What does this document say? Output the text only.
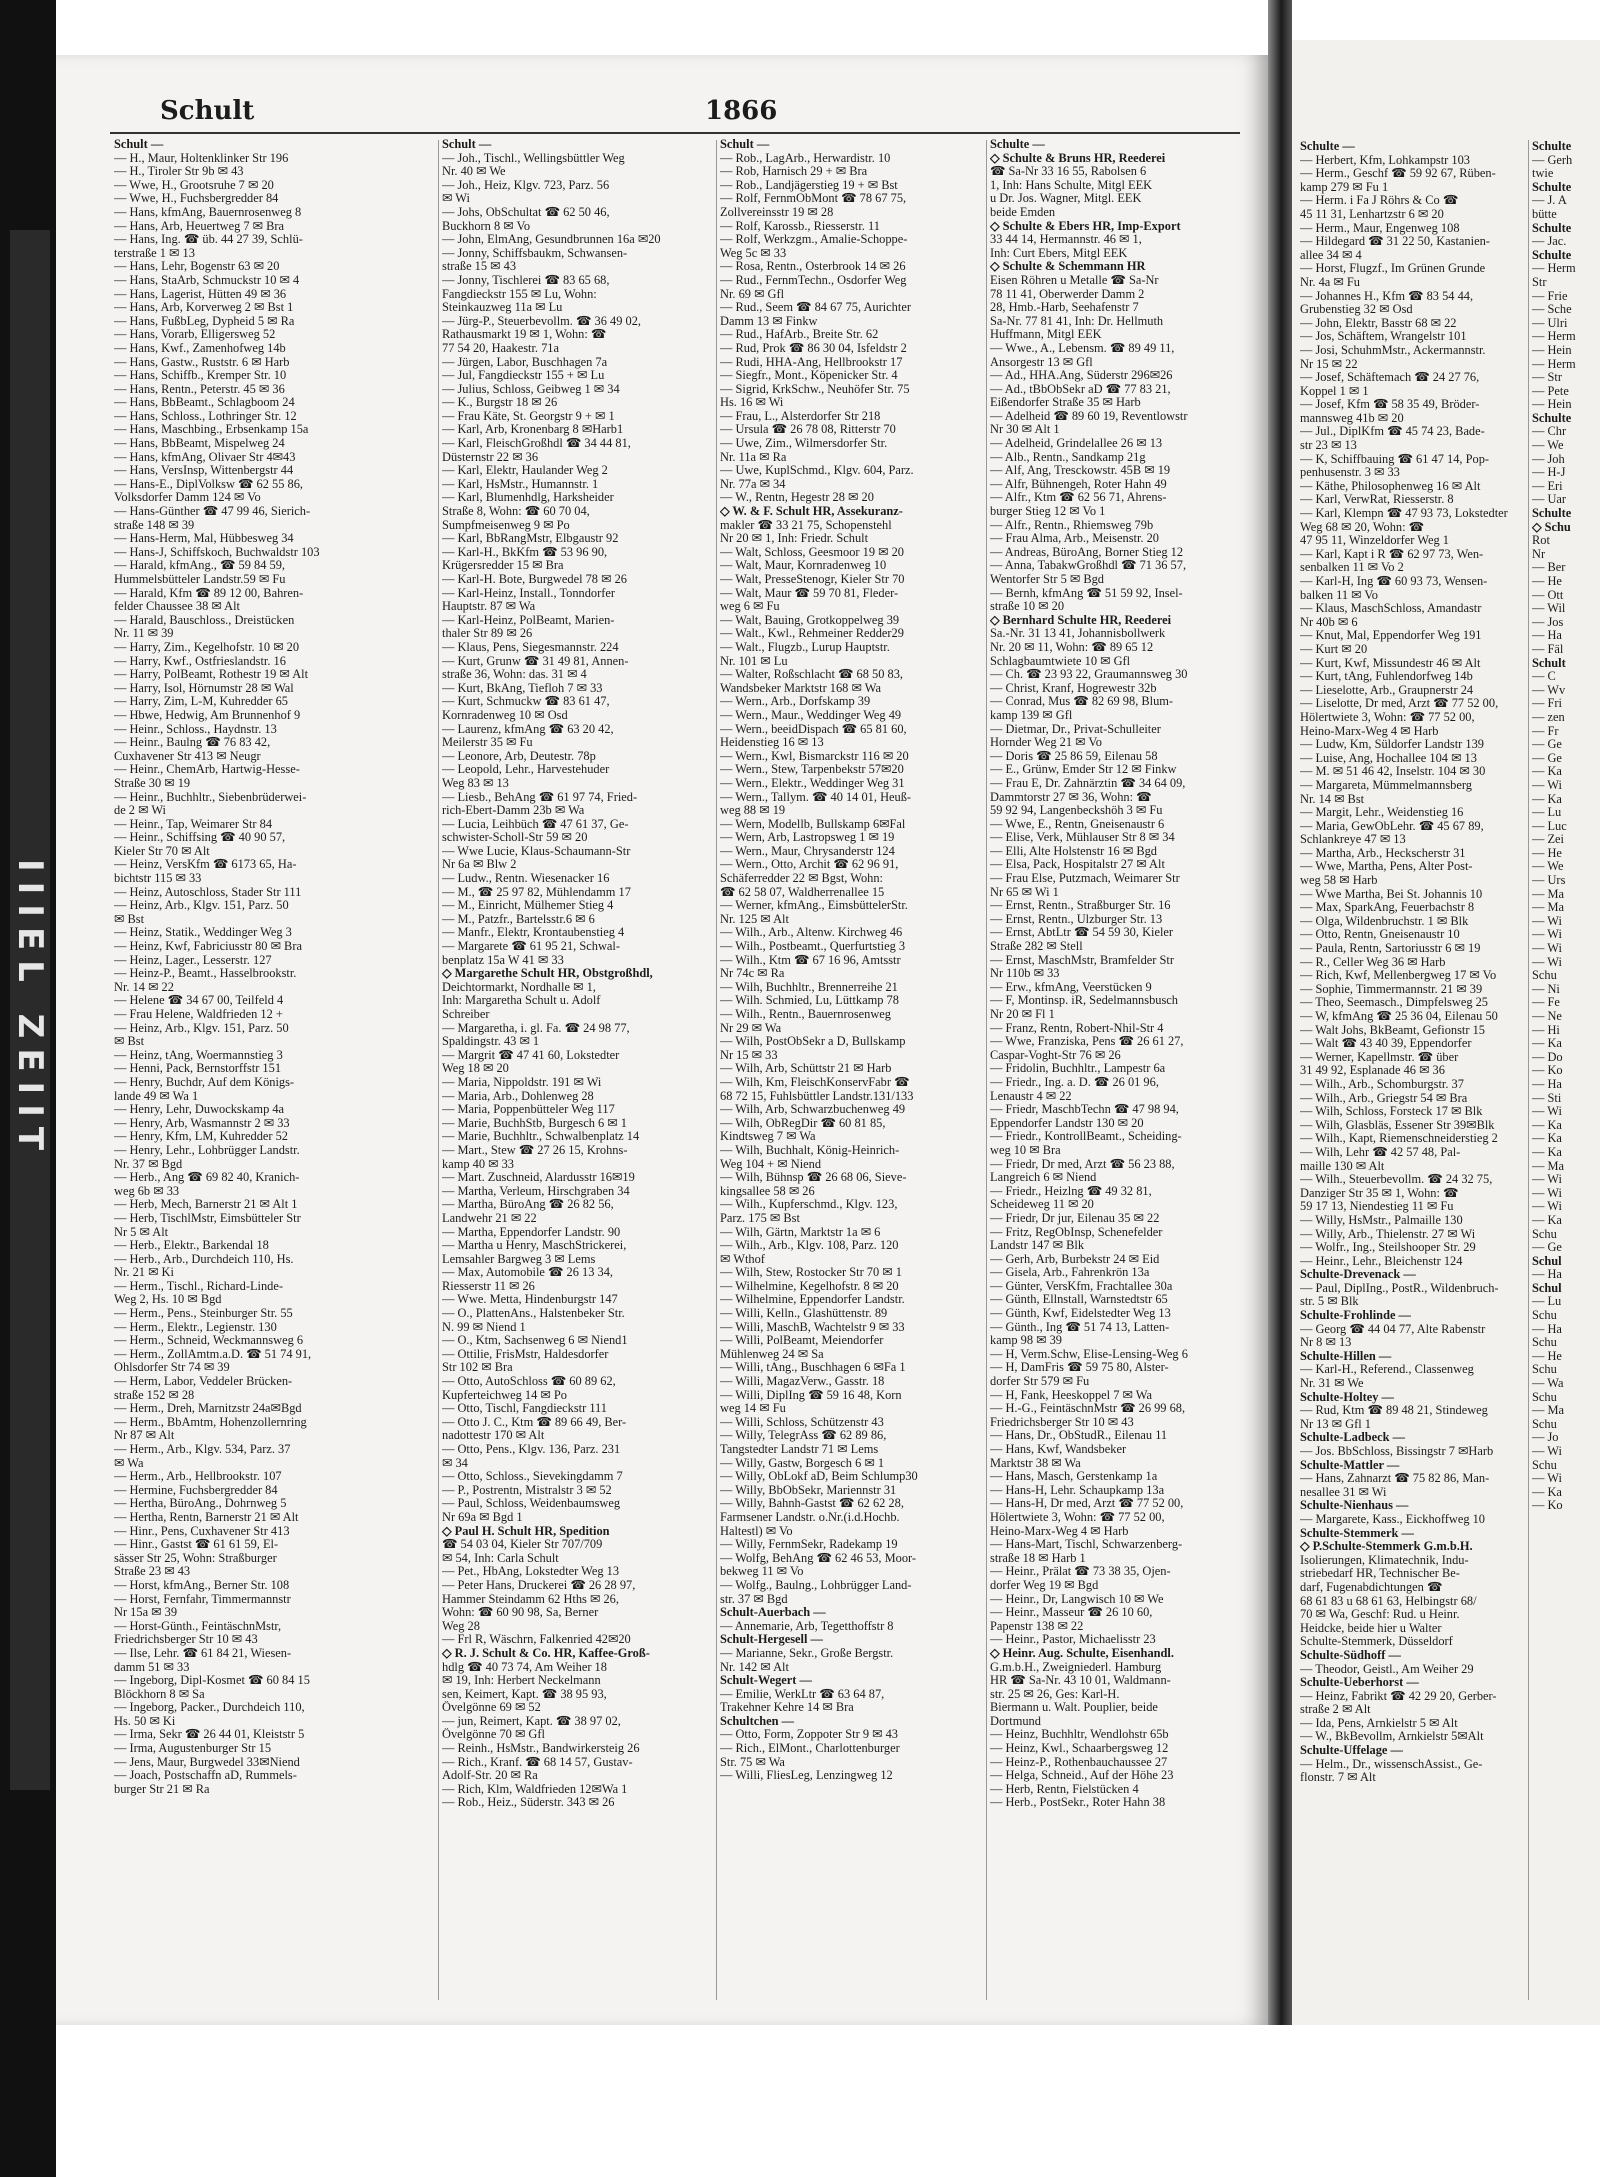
IIIEL ZEIIT
Schult	1866
Schult —
— H., Maur, Holtenklinker Str 196
— H., Tiroler Str 9b ✉ 43
— Wwe, H., Grootsruhe 7 ✉ 20
— Wwe, H., Fuchsbergredder 84
— Hans, kfmAng, Bauernrosenweg 8
— Hans, Arb, Heuertweg 7 ✉ Bra
— Hans, Ing. ☎ üb. 44 27 39, Schlü-
terstraße 1 ✉ 13
— Hans, Lehr, Bogenstr 63 ✉ 20
— Hans, StaArb, Schmuckstr 10 ✉ 4
— Hans, Lagerist, Hütten 49 ✉ 36
— Hans, Arb, Korverweg 2 ✉ Bst 1
— Hans, FußbLeg, Dypheid 5 ✉ Ra
— Hans, Vorarb, Elligersweg 52
— Hans, Kwf., Zamenhofweg 14b
— Hans, Gastw., Ruststr. 6 ✉ Harb
— Hans, Schiffb., Kremper Str. 10
— Hans, Rentn., Peterstr. 45 ✉ 36
— Hans, BbBeamt., Schlagboom 24
— Hans, Schloss., Lothringer Str. 12
— Hans, Maschbing., Erbsenkamp 15a
— Hans, BbBeamt, Mispelweg 24
— Hans, kfmAng, Olivaer Str 4✉43
— Hans, VersInsp, Wittenbergstr 44
— Hans-E., DiplVolksw ☎ 62 55 86,
Volksdorfer Damm 124 ✉ Vo
— Hans-Günther ☎ 47 99 46, Sierich-
straße 148 ✉ 39
— Hans-Herm, Mal, Hübbesweg 34
— Hans-J, Schiffskoch, Buchwaldstr 103
— Harald, kfmAng., ☎ 59 84 59,
Hummelsbütteler Landstr.59 ✉ Fu
— Harald, Kfm ☎ 89 12 00, Bahren-
felder Chaussee 38 ✉ Alt
— Harald, Bauschloss., Dreistücken
Nr. 11 ✉ 39
— Harry, Zim., Kegelhofstr. 10 ✉ 20
— Harry, Kwf., Ostfrieslandstr. 16
— Harry, PolBeamt, Rothestr 19 ✉ Alt
— Harry, Isol, Hörnumstr 28 ✉ Wal
— Harry, Zim, L-M, Kuhredder 65
— Hbwe, Hedwig, Am Brunnenhof 9
— Heinr., Schloss., Haydnstr. 13
— Heinr., Baulng ☎ 76 83 42,
Cuxhavener Str 413 ✉ Neugr
— Heinr., ChemArb, Hartwig-Hesse-
Straße 30 ✉ 19
— Heinr., Buchhltr., Siebenbrüderwei-
de 2 ✉ Wi
— Heinr., Tap, Weimarer Str 84
— Heinr., Schiffsing ☎ 40 90 57,
Kieler Str 70 ✉ Alt
— Heinz, VersKfm ☎ 6173 65, Ha-
bichtstr 115 ✉ 33
— Heinz, Autoschloss, Stader Str 111
— Heinz, Arb., Klgv. 151, Parz. 50
✉ Bst
— Heinz, Statik., Weddinger Weg 3
— Heinz, Kwf, Fabriciusstr 80 ✉ Bra
— Heinz, Lager., Lesserstr. 127
— Heinz-P., Beamt., Hasselbrookstr.
Nr. 14 ✉ 22
— Helene ☎ 34 67 00, Teilfeld 4
— Frau Helene, Waldfrieden 12 +
— Heinz, Arb., Klgv. 151, Parz. 50
✉ Bst
— Heinz, tAng, Woermannstieg 3
— Henni, Pack, Bernstorffstr 151
— Henry, Buchdr, Auf dem Königs-
lande 49 ✉ Wa 1
— Henry, Lehr, Duwockskamp 4a
— Henry, Arb, Wasmannstr 2 ✉ 33
— Henry, Kfm, LM, Kuhredder 52
— Henry, Lehr., Lohbrügger Landstr.
Nr. 37 ✉ Bgd
— Herb., Ang ☎ 69 82 40, Kranich-
weg 6b ✉ 33
— Herb, Mech, Barnerstr 21 ✉ Alt 1
— Herb, TischlMstr, Eimsbütteler Str
Nr 5 ✉ Alt
— Herb., Elektr., Barkendal 18
— Herb., Arb., Durchdeich 110, Hs.
Nr. 21 ✉ Ki
— Herm., Tischl., Richard-Linde-
Weg 2, Hs. 10 ✉ Bgd
— Herm., Pens., Steinburger Str. 55
— Herm., Elektr., Legienstr. 130
— Herm., Schneid, Weckmannsweg 6
— Herm., ZollAmtm.a.D. ☎ 51 74 91,
Ohlsdorfer Str 74 ✉ 39
— Herm, Labor, Veddeler Brücken-
straße 152 ✉ 28
— Herm., Dreh, Marnitzstr 24a✉Bgd
— Herm., BbAmtm, Hohenzollernring
Nr 87 ✉ Alt
— Herm., Arb., Klgv. 534, Parz. 37
✉ Wa
— Herm., Arb., Hellbrookstr. 107
— Hermine, Fuchsbergredder 84
— Hertha, BüroAng., Dohrnweg 5
— Hertha, Rentn, Barnerstr 21 ✉ Alt
— Hinr., Pens, Cuxhavener Str 413
— Hinr., Gastst ☎ 61 61 59, El-
sässer Str 25, Wohn: Straßburger
Straße 23 ✉ 43
— Horst, kfmAng., Berner Str. 108
— Horst, Fernfahr, Timmermannstr
Nr 15a ✉ 39
— Horst-Günth., FeintäschnMstr,
Friedrichsberger Str 10 ✉ 43
— Ilse, Lehr. ☎ 61 84 21, Wiesen-
damm 51 ✉ 33
— Ingeborg, Dipl-Kosmet ☎ 60 84 15
Blöckhorn 8 ✉ Sa
— Ingeborg, Packer., Durchdeich 110,
Hs. 50 ✉ Ki
— Irma, Sekr ☎ 26 44 01, Kleiststr 5
— Irma, Augustenburger Str 15
— Jens, Maur, Burgwedel 33✉Niend
— Joach, Postschaffn aD, Rummels-
burger Str 21 ✉ Ra
Schult —
— Joh., Tischl., Wellingsbüttler Weg
Nr. 40 ✉ We
— Joh., Heiz, Klgv. 723, Parz. 56
✉ Wi
— Johs, ObSchultat ☎ 62 50 46,
Buckhorn 8 ✉ Vo
— John, ElmAng, Gesundbrunnen 16a ✉20
— Jonny, Schiffsbaukm, Schwansen-
straße 15 ✉ 43
— Jonny, Tischlerei ☎ 83 65 68,
Fangdieckstr 155 ✉ Lu, Wohn:
Steinkauzweg 11a ✉ Lu
— Jürg-P., Steuerbevollm. ☎ 36 49 02,
Rathausmarkt 19 ✉ 1, Wohn: ☎
77 54 20, Haakestr. 71a
— Jürgen, Labor, Buschhagen 7a
— Jul, Fangdieckstr 155 + ✉ Lu
— Julius, Schloss, Geibweg 1 ✉ 34
— K., Burgstr 18 ✉ 26
— Frau Käte, St. Georgstr 9 + ✉ 1
— Karl, Arb, Kronenbarg 8 ✉Harb1
— Karl, FleischGroßhdl ☎ 34 44 81,
Düsternstr 22 ✉ 36
— Karl, Elektr, Haulander Weg 2
— Karl, HsMstr., Humannstr. 1
— Karl, Blumenhdlg, Harksheider
Straße 8, Wohn: ☎ 60 70 04,
Sumpfmeisenweg 9 ✉ Po
— Karl, BbRangMstr, Elbgaustr 92
— Karl-H., BkKfm ☎ 53 96 90,
Krügersredder 15 ✉ Bra
— Karl-H. Bote, Burgwedel 78 ✉ 26
— Karl-Heinz, Install., Tonndorfer
Hauptstr. 87 ✉ Wa
— Karl-Heinz, PolBeamt, Marien-
thaler Str 89 ✉ 26
— Klaus, Pens, Siegesmannstr. 224
— Kurt, Grunw ☎ 31 49 81, Annen-
straße 36, Wohn: das. 31 ✉ 4
— Kurt, BkAng, Tiefloh 7 ✉ 33
— Kurt, Schmuckw ☎ 83 61 47,
Kornradenweg 10 ✉ Osd
— Laurenz, kfmAng ☎ 63 20 42,
Meilerstr 35 ✉ Fu
— Leonore, Arb, Deutestr. 78p
— Leopold, Lehr., Harvestehuder
Weg 83 ✉ 13
— Liesb., BehAng ☎ 61 97 74, Fried-
rich-Ebert-Damm 23b ✉ Wa
— Lucia, Leihbüch ☎ 47 61 37, Ge-
schwister-Scholl-Str 59 ✉ 20
— Wwe Lucie, Klaus-Schaumann-Str
Nr 6a ✉ Blw 2
— Ludw., Rentn. Wiesenacker 16
— M., ☎ 25 97 82, Mühlendamm 17
— M., Einricht, Mülhemer Stieg 4
— M., Patzfr., Bartelsstr.6 ✉ 6
— Manfr., Elektr, Krontaubenstieg 4
— Margarete ☎ 61 95 21, Schwal-
benplatz 15a W 41 ✉ 33
◇ Margarethe Schult HR, Obstgroßhdl,
Deichtormarkt, Nordhalle ✉ 1,
Inh: Margaretha Schult u. Adolf
Schreiber
— Margaretha, i. gl. Fa. ☎ 24 98 77,
Spaldingstr. 43 ✉ 1
— Margrit ☎ 47 41 60, Lokstedter
Weg 18 ✉ 20
— Maria, Nippoldstr. 191 ✉ Wi
— Maria, Arb., Dohlenweg 28
— Maria, Poppenbütteler Weg 117
— Marie, BuchhStb, Burgesch 6 ✉ 1
— Marie, Buchhltr., Schwalbenplatz 14
— Mart., Stew ☎ 27 26 15, Krohns-
kamp 40 ✉ 33
— Mart. Zuschneid, Alardusstr 16✉19
— Martha, Verleum, Hirschgraben 34
— Martha, BüroAng ☎ 26 82 56,
Landwehr 21 ✉ 22
— Martha, Eppendorfer Landstr. 90
— Martha u Henry, MaschStrickerei,
Lemsahler Bargweg 3 ✉ Lems
— Max, Automobile ☎ 26 13 34,
Riesserstr 11 ✉ 26
— Wwe. Metta, Hindenburgstr 147
— O., PlattenAns., Halstenbeker Str.
N. 99 ✉ Niend 1
— O., Ktm, Sachsenweg 6 ✉ Niend1
— Ottilie, FrisMstr, Haldesdorfer
Str 102 ✉ Bra
— Otto, AutoSchloss ☎ 60 89 62,
Kupferteichweg 14 ✉ Po
— Otto, Tischl, Fangdieckstr 111
— Otto J. C., Ktm ☎ 89 66 49, Ber-
nadottestr 170 ✉ Alt
— Otto, Pens., Klgv. 136, Parz. 231
✉ 34
— Otto, Schloss., Sievekingdamm 7
— P., Postrentn, Mistralstr 3 ✉ 52
— Paul, Schloss, Weidenbaumsweg
Nr 69a ✉ Bgd 1
◇ Paul H. Schult HR, Spedition
☎ 54 03 04, Kieler Str 707/709
✉ 54, Inh: Carla Schult
— Pet., HbAng, Lokstedter Weg 13
— Peter Hans, Druckerei ☎ 26 28 97,
Hammer Steindamm 62 Hths ✉ 26,
Wohn: ☎ 60 90 98, Sa, Berner
Weg 28
— Frl R, Wäschrn, Falkenried 42✉20
◇ R. J. Schult & Co. HR, Kaffee-Groß-
hdlg ☎ 40 73 74, Am Weiher 18
✉ 19, Inh: Herbert Neckelmann
sen, Keimert, Kapt. ☎ 38 95 93,
Övelgönne 69 ✉ 52
— jun, Reimert, Kapt. ☎ 38 97 02,
Övelgönne 70 ✉ Gfl
— Reinh., HsMstr., Bandwirkersteig 26
— Rich., Kranf. ☎ 68 14 57, Gustav-
Adolf-Str. 20 ✉ Ra
— Rich, Klm, Waldfrieden 12✉Wa 1
— Rob., Heiz., Süderstr. 343 ✉ 26
Schult —
— Rob., LagArb., Herwardistr. 10
— Rob, Harnisch 29 + ✉ Bra
— Rob., Landjägerstieg 19 + ✉ Bst
— Rolf, FernmObMont ☎ 78 67 75,
Zollvereinsstr 19 ✉ 28
— Rolf, Karossb., Riesserstr. 11
— Rolf, Werkzgm., Amalie-Schoppe-
Weg 5c ✉ 33
— Rosa, Rentn., Osterbrook 14 ✉ 26
— Rud., FernmTechn., Osdorfer Weg
Nr. 69 ✉ Gfl
— Rud., Seem ☎ 84 67 75, Aurichter
Damm 13 ✉ Finkw
— Rud., HafArb., Breite Str. 62
— Rud, Prok ☎ 86 30 04, Isfeldstr 2
— Rudi, HHA-Ang, Hellbrookstr 17
— Siegfr., Mont., Köpenicker Str. 4
— Sigrid, KrkSchw., Neuhöfer Str. 75
Hs. 16 ✉ Wi
— Frau, L., Alsterdorfer Str 218
— Ursula ☎ 26 78 08, Ritterstr 70
— Uwe, Zim., Wilmersdorfer Str.
Nr. 11a ✉ Ra
— Uwe, KuplSchmd., Klgv. 604, Parz.
Nr. 77a ✉ 34
— W., Rentn, Hegestr 28 ✉ 20
◇ W. & F. Schult HR, Assekuranz-
makler ☎ 33 21 75, Schopenstehl
Nr 20 ✉ 1, Inh: Friedr. Schult
— Walt, Schloss, Geesmoor 19 ✉ 20
— Walt, Maur, Kornradenweg 10
— Walt, PresseStenogr, Kieler Str 70
— Walt, Maur ☎ 59 70 81, Fleder-
weg 6 ✉ Fu
— Walt, Bauing, Grotkoppelweg 39
— Walt., Kwl., Rehmeiner Redder29
— Walt., Flugzb., Lurup Hauptstr.
Nr. 101 ✉ Lu
— Walter, Roßschlacht ☎ 68 50 83,
Wandsbeker Marktstr 168 ✉ Wa
— Wern., Arb., Dorfskamp 39
— Wern., Maur., Weddinger Weg 49
— Wern., beeidDispach ☎ 65 81 60,
Heidenstieg 16 ✉ 13
— Wern., Kwl, Bismarckstr 116 ✉ 20
— Wern., Stew, Tarpenbekstr 57✉20
— Wern., Elektr., Weddinger Weg 31
— Wern., Tallym. ☎ 40 14 01, Heuß-
weg 88 ✉ 19
— Wern, Modellb, Bullskamp 6✉Fal
— Wern, Arb, Lastropsweg 1 ✉ 19
— Wern., Maur, Chrysanderstr 124
— Wern., Otto, Archit ☎ 62 96 91,
Schäferredder 22 ✉ Bgst, Wohn:
☎ 62 58 07, Waldherrenallee 15
— Werner, kfmAng., EimsbüttelerStr.
Nr. 125 ✉ Alt
— Wilh., Arb., Altenw. Kirchweg 46
— Wilh., Postbeamt., Querfurtstieg 3
— Wilh., Ktm ☎ 67 16 96, Amtsstr
Nr 74c ✉ Ra
— Wilh, Buchhltr., Brennerreihe 21
— Wilh. Schmied, Lu, Lüttkamp 78
— Wilh., Rentn., Bauernrosenweg
Nr 29 ✉ Wa
— Wilh, PostObSekr a D, Bullskamp
Nr 15 ✉ 33
— Wilh, Arb, Schüttstr 21 ✉ Harb
— Wilh, Km, FleischKonservFabr ☎
68 72 15, Fuhlsbüttler Landstr.131/133
— Wilh, Arb, Schwarzbuchenweg 49
— Wilh, ObRegDir ☎ 60 81 85,
Kindtsweg 7 ✉ Wa
— Wilh, Buchhalt, König-Heinrich-
Weg 104 + ✉ Niend
— Wilh, Bühnsp ☎ 26 68 06, Sieve-
kingsallee 58 ✉ 26
— Wilh., Kupferschmd., Klgv. 123,
Parz. 175 ✉ Bst
— Wilh, Gärtn, Marktstr 1a ✉ 6
— Wilh., Arb., Klgv. 108, Parz. 120
✉ Wthof
— Wilh, Stew, Rostocker Str 70 ✉ 1
— Wilhelmine, Kegelhofstr. 8 ✉ 20
— Wilhelmine, Eppendorfer Landstr.
— Willi, Kelln., Glashüttenstr. 89
— Willi, MaschB, Wachtelstr 9 ✉ 33
— Willi, PolBeamt, Meiendorfer
Mühlenweg 24 ✉ Sa
— Willi, tAng., Buschhagen 6 ✉Fa 1
— Willi, MagazVerw., Gasstr. 18
— Willi, DiplIng ☎ 59 16 48, Korn
weg 14 ✉ Fu
— Willi, Schloss, Schützenstr 43
— Willy, TelegrAss ☎ 62 89 86,
Tangstedter Landstr 71 ✉ Lems
— Willy, Gastw, Borgesch 6 ✉ 1
— Willy, ObLokf aD, Beim Schlump30
— Willy, BbObSekr, Mariennstr 31
— Willy, Bahnh-Gastst ☎ 62 62 28,
Farmsener Landstr. o.Nr.(i.d.Hochb.
Haltestl) ✉ Vo
— Willy, FernmSekr, Radekamp 19
— Wolfg, BehAng ☎ 62 46 53, Moor-
bekweg 11 ✉ Vo
— Wolfg., Baulng., Lohbrügger Land-
str. 37 ✉ Bgd
Schult-Auerbach —
— Annemarie, Arb, Tegetthoffstr 8
Schult-Hergesell —
— Marianne, Sekr., Große Bergstr.
Nr. 142 ✉ Alt
Schult-Wegert —
— Emilie, WerkLtr ☎ 63 64 87,
Trakehner Kehre 14 ✉ Bra
Schultchen —
— Otto, Form, Zoppoter Str 9 ✉ 43
— Rich., ElMont., Charlottenburger
Str. 75 ✉ Wa
— Willi, FliesLeg, Lenzingweg 12
Schulte —
◇ Schulte & Bruns HR, Reederei
☎ Sa-Nr 33 16 55, Rabolsen 6
1, Inh: Hans Schulte, Mitgl EEK
u Dr. Jos. Wagner, Mitgl. EEK
beide Emden
◇ Schulte & Ebers HR, Imp-Export
33 44 14, Hermannstr. 46 ✉ 1,
Inh: Curt Ebers, Mitgl EEK
◇ Schulte & Schemmann HR
Eisen Röhren u Metalle ☎ Sa-Nr
78 11 41, Oberwerder Damm 2
28, Hmb.-Harb, Seehafenstr 7
Sa-Nr. 77 81 41, Inh: Dr. Hellmuth
Huffmann, Mitgl EEK
— Wwe., A., Lebensm. ☎ 89 49 11,
Ansorgestr 13 ✉ Gfl
— Ad., HHA.Ang, Süderstr 296✉26
— Ad., tBbObSekr aD ☎ 77 83 21,
Eißendorfer Straße 35 ✉ Harb
— Adelheid ☎ 89 60 19, Reventlowstr
Nr 30 ✉ Alt 1
— Adelheid, Grindelallee 26 ✉ 13
— Alb., Rentn., Sandkamp 21g
— Alf, Ang, Tresckowstr. 45B ✉ 19
— Alfr, Bühnengeh, Roter Hahn 49
— Alfr., Ktm ☎ 62 56 71, Ahrens-
burger Stieg 12 ✉ Vo 1
— Alfr., Rentn., Rhiemsweg 79b
— Frau Alma, Arb., Meisenstr. 20
— Andreas, BüroAng, Borner Stieg 12
— Anna, TabakwGroßhdl ☎ 71 36 57,
Wentorfer Str 5 ✉ Bgd
— Bernh, kfmAng ☎ 51 59 92, Insel-
straße 10 ✉ 20
◇ Bernhard Schulte HR, Reederei
Sa.-Nr. 31 13 41, Johannisbollwerk
Nr. 20 ✉ 11, Wohn: ☎ 89 65 12
Schlagbaumtwiete 10 ✉ Gfl
— Ch. ☎ 23 93 22, Graumannsweg 30
— Christ, Kranf, Hogrewestr 32b
— Conrad, Mus ☎ 82 69 98, Blum-
kamp 139 ✉ Gfl
— Dietmar, Dr., Privat-Schulleiter
Hornder Weg 21 ✉ Vo
— Doris ☎ 25 86 59, Eilenau 58
— E., Grünw, Emder Str 12 ✉ Finkw
— Frau E, Dr. Zahnärztin ☎ 34 64 09,
Dammtorstr 27 ✉ 36, Wohn: ☎
59 92 94, Langenbeckshöh 3 ✉ Fu
— Wwe, E., Rentn, Gneisenaustr 6
— Elise, Verk, Mühlauser Str 8 ✉ 34
— Elli, Alte Holstenstr 16 ✉ Bgd
— Elsa, Pack, Hospitalstr 27 ✉ Alt
— Frau Else, Putzmach, Weimarer Str
Nr 65 ✉ Wi 1
— Ernst, Rentn., Straßburger Str. 16
— Ernst, Rentn., Ulzburger Str. 13
— Ernst, AbtLtr ☎ 54 59 30, Kieler
Straße 282 ✉ Stell
— Ernst, MaschMstr, Bramfelder Str
Nr 110b ✉ 33
— Erw., kfmAng, Veerstücken 9
— F, Montinsp. iR, Sedelmannsbusch
Nr 20 ✉ Fl 1
— Franz, Rentn, Robert-Nhil-Str 4
— Wwe, Franziska, Pens ☎ 26 61 27,
Caspar-Voght-Str 76 ✉ 26
— Fridolin, Buchhltr., Lampestr 6a
— Friedr., Ing. a. D. ☎ 26 01 96,
Lenaustr 4 ✉ 22
— Friedr, MaschbTechn ☎ 47 98 94,
Eppendorfer Landstr 130 ✉ 20
— Friedr., KontrollBeamt., Scheiding-
weg 10 ✉ Bra
— Friedr, Dr med, Arzt ☎ 56 23 88,
Langreich 6 ✉ Niend
— Friedr., Heizlng ☎ 49 32 81,
Scheideweg 11 ✉ 20
— Friedr, Dr jur, Eilenau 35 ✉ 22
— Fritz, RegObInsp, Schenefelder
Landstr 147 ✉ Blk
— Gerh, Arb, Burbekstr 24 ✉ Eid
— Gisela, Arb., Fahrenkrön 13a
— Günter, VersKfm, Frachtallee 30a
— Günth, Ellnstall, Warnstedtstr 65
— Günth, Kwf, Eidelstedter Weg 13
— Günth., Ing ☎ 51 74 13, Latten-
kamp 98 ✉ 39
— H, Verm.Schw, Elise-Lensing-Weg 6
— H, DamFris ☎ 59 75 80, Alster-
dorfer Str 579 ✉ Fu
— H, Fank, Heeskoppel 7 ✉ Wa
— H.-G., FeintäschnMstr ☎ 26 99 68,
Friedrichsberger Str 10 ✉ 43
— Hans, Dr., ObStudR., Eilenau 11
— Hans, Kwf, Wandsbeker
Marktstr 38 ✉ Wa
— Hans, Masch, Gerstenkamp 1a
— Hans-H, Lehr. Schaupkamp 13a
— Hans-H, Dr med, Arzt ☎ 77 52 00,
Hölertwiete 3, Wohn: ☎ 77 52 00,
Heino-Marx-Weg 4 ✉ Harb
— Hans-Mart, Tischl, Schwarzenberg-
straße 18 ✉ Harb 1
— Heinr., Prälat ☎ 73 38 35, Ojen-
dorfer Weg 19 ✉ Bgd
— Heinr., Dr, Langwisch 10 ✉ We
— Heinr., Masseur ☎ 26 10 60,
Papenstr 138 ✉ 22
— Heinr., Pastor, Michaelisstr 23
◇ Heinr. Aug. Schulte, Eisenhandl.
G.m.b.H., Zweigniederl. Hamburg
HR ☎ Sa-Nr. 43 10 01, Waldmann-
str. 25 ✉ 26, Ges: Karl-H.
Biermann u. Walt. Pouplier, beide
Dortmund
— Heinz, Buchhltr, Wendlohstr 65b
— Heinz, Kwl., Schaarbergsweg 12
— Heinz-P., Rothenbauchaussee 27
— Helga, Schneid., Auf der Höhe 23
— Herb, Rentn, Fielstücken 4
— Herb., PostSekr., Roter Hahn 38
Schulte —
— Herbert, Kfm, Lohkampstr 103
— Herm., Geschf ☎ 59 92 67, Rüben-
kamp 279 ✉ Fu 1
— Herm. i Fa J Röhrs & Co ☎
45 11 31, Lenhartzstr 6 ✉ 20
— Herm., Maur, Engenweg 108
— Hildegard ☎ 31 22 50, Kastanien-
allee 34 ✉ 4
— Horst, Flugzf., Im Grünen Grunde
Nr. 4a ✉ Fu
— Johannes H., Kfm ☎ 83 54 44,
Grubenstieg 32 ✉ Osd
— John, Elektr, Basstr 68 ✉ 22
— Jos, Schäftem, Wrangelstr 101
— Josi, SchuhmMstr., Ackermannstr.
Nr 15 ✉ 22
— Josef, Schäftemach ☎ 24 27 76,
Koppel 1 ✉ 1
— Josef, Kfm ☎ 58 35 49, Bröder-
mannsweg 41b ✉ 20
— Jul., DiplKfm ☎ 45 74 23, Bade-
str 23 ✉ 13
— K, Schiffbauing ☎ 61 47 14, Pop-
penhusenstr. 3 ✉ 33
— Käthe, Philosophenweg 16 ✉ Alt
— Karl, VerwRat, Riesserstr. 8
— Karl, Klempn ☎ 47 93 73, Lokstedter
Weg 68 ✉ 20, Wohn: ☎
47 95 11, Winzeldorfer Weg 1
— Karl, Kapt i R ☎ 62 97 73, Wen-
senbalken 11 ✉ Vo 2
— Karl-H, Ing ☎ 60 93 73, Wensen-
balken 11 ✉ Vo
— Klaus, MaschSchloss, Amandastr
Nr 40b ✉ 6
— Knut, Mal, Eppendorfer Weg 191
— Kurt ✉ 20
— Kurt, Kwf, Missundestr 46 ✉ Alt
— Kurt, tAng, Fuhlendorfweg 14b
— Lieselotte, Arb., Graupnerstr 24
— Liselotte, Dr med, Arzt ☎ 77 52 00,
Hölertwiete 3, Wohn: ☎ 77 52 00,
Heino-Marx-Weg 4 ✉ Harb
— Ludw, Km, Süldorfer Landstr 139
— Luise, Ang, Hochallee 104 ✉ 13
— M. ✉ 51 46 42, Inselstr. 104 ✉ 30
— Margareta, Mümmelmannsberg
Nr. 14 ✉ Bst
— Margit, Lehr., Weidenstieg 16
— Maria, GewObLehr. ☎ 45 67 89,
Schlankreye 47 ✉ 13
— Martha, Arb., Heckscherstr 31
— Wwe, Martha, Pens, Alter Post-
weg 58 ✉ Harb
— Wwe Martha, Bei St. Johannis 10
— Max, SparkAng, Feuerbachstr 8
— Olga, Wildenbruchstr. 1 ✉ Blk
— Otto, Rentn, Gneisenaustr 10
— Paula, Rentn, Sartoriusstr 6 ✉ 19
— R., Celler Weg 36 ✉ Harb
— Rich, Kwf, Mellenbergweg 17 ✉ Vo
— Sophie, Timmermannstr. 21 ✉ 39
— Theo, Seemasch., Dimpfelsweg 25
— W, kfmAng ☎ 25 36 04, Eilenau 50
— Walt Johs, BkBeamt, Gefionstr 15
— Walt ☎ 43 40 39, Eppendorfer
— Werner, Kapellmstr. ☎ über
31 49 92, Esplanade 46 ✉ 36
— Wilh., Arb., Schomburgstr. 37
— Wilh., Arb., Griegstr 54 ✉ Bra
— Wilh, Schloss, Forsteck 17 ✉ Blk
— Wilh, Glasbläs, Essener Str 39✉Blk
— Wilh., Kapt, Riemenschneiderstieg 2
— Wilh, Lehr ☎ 42 57 48, Pal-
maille 130 ✉ Alt
— Wilh., Steuerbevollm. ☎ 24 32 75,
Danziger Str 35 ✉ 1, Wohn: ☎
59 17 13, Niendestieg 11 ✉ Fu
— Willy, HsMstr., Palmaille 130
— Willy, Arb., Thielenstr. 27 ✉ Wi
— Wolfr., Ing., Steilshooper Str. 29
— Heinr., Lehr., Bleichenstr 124
Schulte-Drevenack —
— Paul, DiplIng., PostR., Wildenbruch-
str. 5 ✉ Blk
Schulte-Frohlinde —
— Georg ☎ 44 04 77, Alte Rabenstr
Nr 8 ✉ 13
Schulte-Hillen —
— Karl-H., Referend., Classenweg
Nr. 31 ✉ We
Schulte-Holtey —
— Rud, Ktm ☎ 89 48 21, Stindeweg
Nr 13 ✉ Gfl 1
Schulte-Ladbeck —
— Jos. BbSchloss, Bissingstr 7 ✉Harb
Schulte-Mattler —
— Hans, Zahnarzt ☎ 75 82 86, Man-
nesallee 31 ✉ Wi
Schulte-Nienhaus —
— Margarete, Kass., Eickhoffweg 10
Schulte-Stemmerk —
◇ P.Schulte-Stemmerk G.m.b.H.
Isolierungen, Klimatechnik, Indu-
striebedarf HR, Technischer Be-
darf, Fugenabdichtungen ☎
68 61 83 u 68 61 63, Helbingstr 68/
70 ✉ Wa, Geschf: Rud. u Heinr.
Heidcke, beide hier u Walter
Schulte-Stemmerk, Düsseldorf
Schulte-Südhoff —
— Theodor, Geistl., Am Weiher 29
Schulte-Ueberhorst —
— Heinz, Fabrikt ☎ 42 29 20, Gerber-
straße 2 ✉ Alt
— Ida, Pens, Arnkielstr 5 ✉ Alt
— W., BkBevollm, Arnkielstr 5✉Alt
Schulte-Uffelage —
— Helm., Dr., wissenschAssist., Ge-
flonstr. 7 ✉ Alt
Schulte
— Gerh
twie
Schulte
— J. A
bütte
Schulte
— Jac.
Schulte
— Herm
Str
— Frie
— Sche
— Ulri
— Herm
— Hein
— Herm
— Str
— Pete
— Hein
Schulte
— Chr
— We
— Joh
— H-J
— Eri
— Uar
Schulte
◇ Schu
Rot
Nr
— Ber
— He
— Ott
— Wil
— Jos
— Ha
— Fäl
Schult
— C
— Wv
— Fri
— zen
— Fr
— Ge
— Ge
— Ka
— Wi
— Ka
— Lu
— Luc
— Zei
— He
— We
— Urs
— Ma
— Ma
— Wi
— Wi
— Wi
— Wi
Schu
— Ni
— Fe
— Ne
— Hi
— Ka
— Do
— Ko
— Ha
— Sti
— Wi
— Ka
— Ka
— Ka
— Ma
— Wi
— Wi
— Wi
— Ka
Schu
— Ge
Schul
— Ha
Schul
— Lu
Schu
— Ha
Schu
— He
Schu
— Wa
Schu
— Ma
Schu
— Jo
— Wi
Schu
— Wi
— Ka
— Ko
